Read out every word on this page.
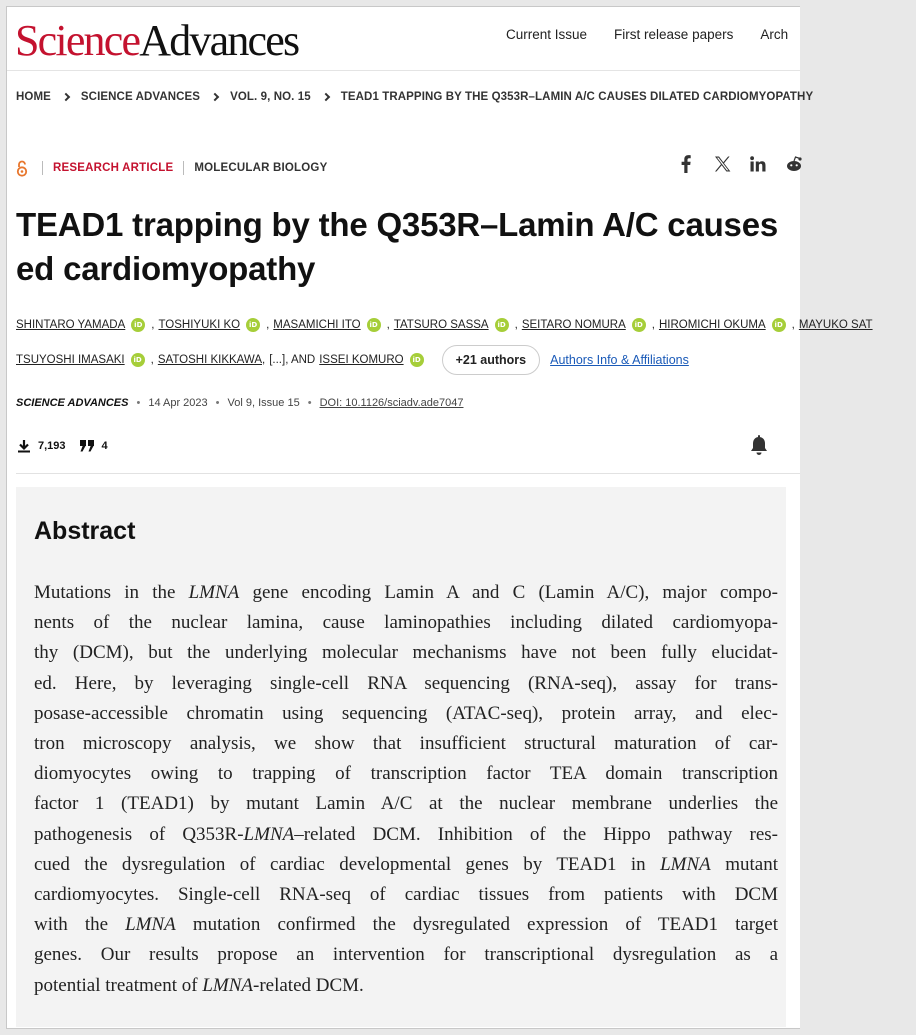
ScienceAdvances	Current Issue First release papers Arch
HOME	SCIENCE ADVANCES	VOL. 9, NO. 15	TEAD1 TRAPPING BY THE Q353R–LAMIN A/C CAUSES DILATED CARDIOMYOPATHY
RESEARCH ARTICLE MOLECULAR BIOLOGY
TEAD1 trapping by the Q353R–Lamin A/C causes
ed cardiomyopathy
SHINTARO YAMADA	iD , TOSHIYUKI KO	iD , MASAMICHI ITO	iD , TATSURO SASSA	iD , SEITARO NOMURA	iD , HIROMICHI OKUMA	iD , MAYUKO SAT
TSUYOSHI IMASAKI	iD , SATOSHI KIKKAWA , [...], AND ISSEI KOMURO	iD	+21 authors	Authors Info & Affiliations
SCIENCE ADVANCES • 14 Apr 2023 • Vol 9, Issue 15 • DOI: 10.1126/sciadv.ade7047
7,193	4
Abstract
Mutations in the LMNA gene encoding Lamin A and C (Lamin A/C), major compo-
nents of the nuclear lamina, cause laminopathies including dilated cardiomyopa-
thy (DCM), but the underlying molecular mechanisms have not been fully elucidat-
ed. Here, by leveraging single-cell RNA sequencing (RNA-seq), assay for trans-
posase-accessible chromatin using sequencing (ATAC-seq), protein array, and elec-
tron microscopy analysis, we show that insufficient structural maturation of car-
diomyocytes owing to trapping of transcription factor TEA domain transcription
factor 1 (TEAD1) by mutant Lamin A/C at the nuclear membrane underlies the
pathogenesis of Q353R-LMNA–related DCM. Inhibition of the Hippo pathway res-
cued the dysregulation of cardiac developmental genes by TEAD1 in LMNA mutant
cardiomyocytes. Single-cell RNA-seq of cardiac tissues from patients with DCM
with the LMNA mutation confirmed the dysregulated expression of TEAD1 target
genes. Our results propose an intervention for transcriptional dysregulation as a
potential treatment of LMNA-related DCM.
